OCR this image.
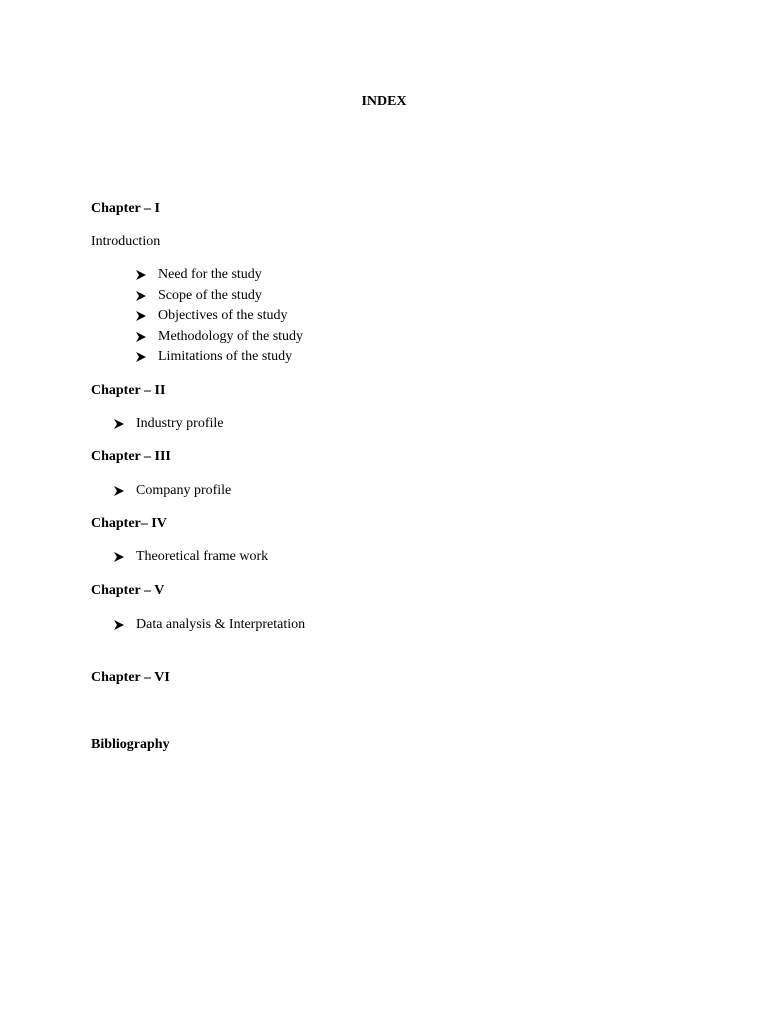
INDEX
Chapter – I
Introduction
Need for the study
Scope of the study
Objectives of the study
Methodology of the study
Limitations of the study
Chapter – II
Industry profile
Chapter – III
Company profile
Chapter– IV
Theoretical frame work
Chapter – V
Data analysis & Interpretation
Chapter – VI
Bibliography
